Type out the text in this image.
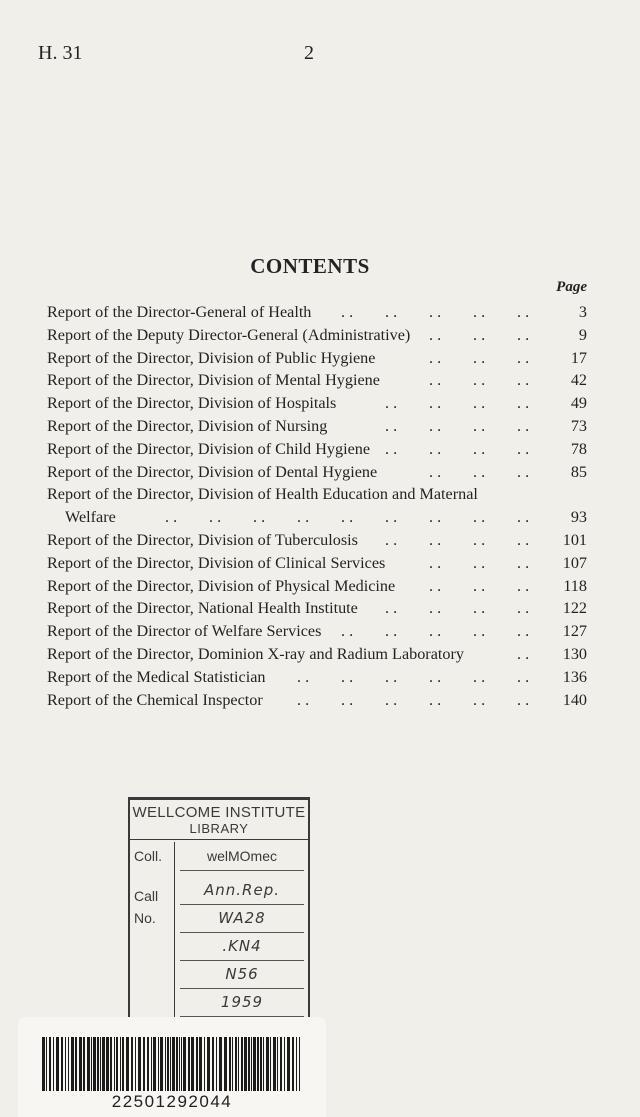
H. 31	2
CONTENTS
Page
Report of the Director-General of Health	3
. .
. .
. .
. .
. .
Report of the Deputy Director-General (Administrative)	9
. .
. .
. .
Report of the Director, Division of Public Hygiene	17
. .
. .
. .
Report of the Director, Division of Mental Hygiene	42
. .
. .
. .
Report of the Director, Division of Hospitals	49
. .
. .
. .
. .
Report of the Director, Division of Nursing	73
. .
. .
. .
. .
Report of the Director, Division of Child Hygiene	78
. .
. .
. .
. .
Report of the Director, Division of Dental Hygiene	85
. .
. .
. .
Report of the Director, Division of Health Education and Maternal
Welfare	93
. .
. .
. .
. .
. .
. .
. .
. .
. .
Report of the Director, Division of Tuberculosis	101
. .
. .
. .
. .
Report of the Director, Division of Clinical Services	107
. .
. .
. .
Report of the Director, Division of Physical Medicine	118
. .
. .
. .
Report of the Director, National Health Institute	122
. .
. .
. .
. .
Report of the Director of Welfare Services	127
. .
. .
. .
. .
. .
Report of the Director, Dominion X-ray and Radium Laboratory	130
. .
Report of the Medical Statistician	136
. .
. .
. .
. .
. .
. .
Report of the Chemical Inspector	140
. .
. .
. .
. .
. .
. .
WELLCOME INSTITUTE
LIBRARY
Coll.
Call
No.
welMOmec
Ann.Rep.
WA28
.KN4
N56
1959
22501292044
